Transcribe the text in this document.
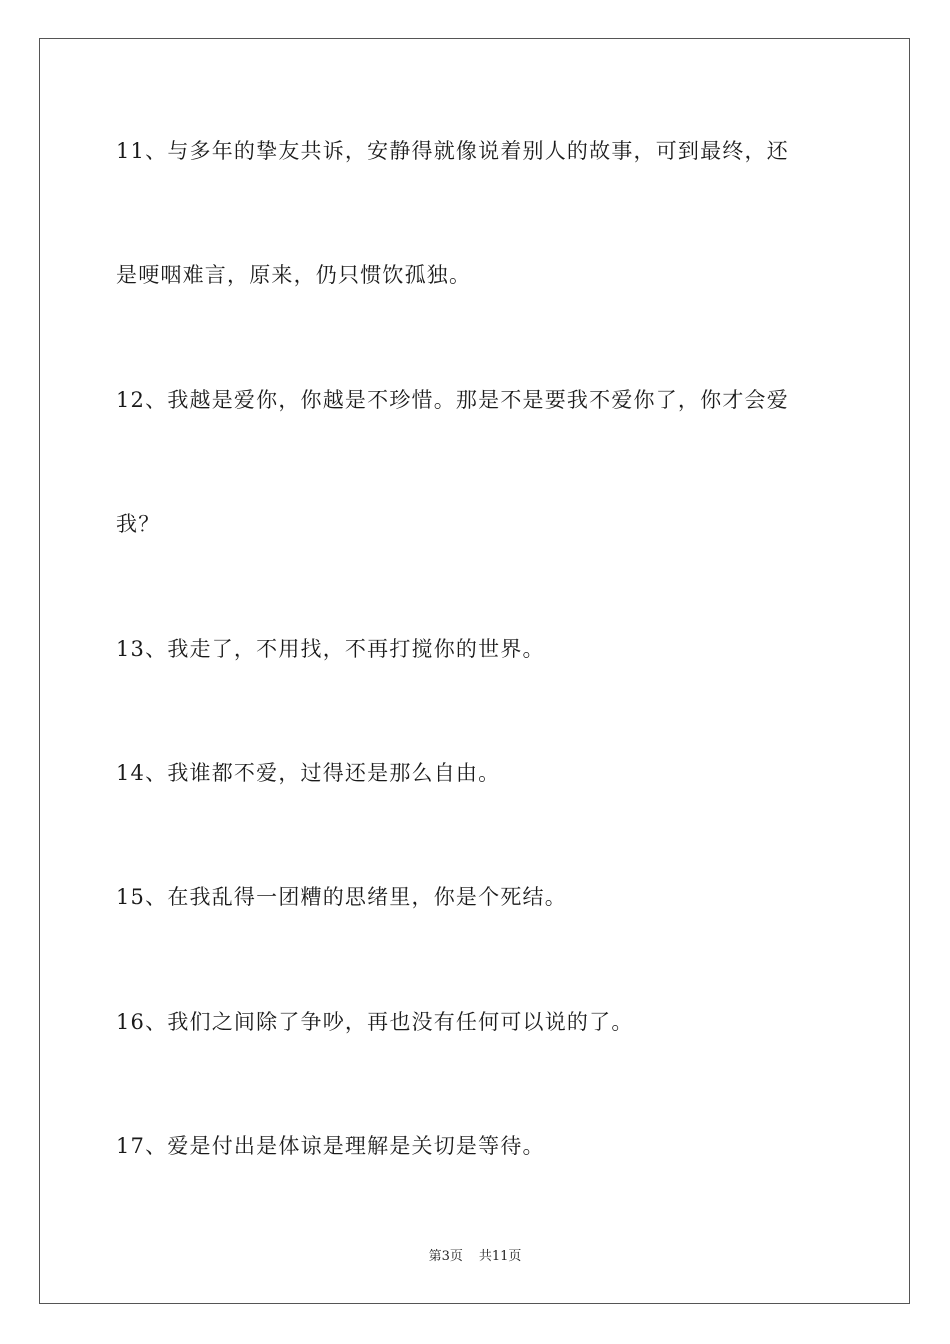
11、与多年的挚友共诉，安静得就像说着别人的故事，可到最终，还
是哽咽难言，原来，仍只惯饮孤独。
12、我越是爱你，你越是不珍惜。那是不是要我不爱你了，你才会爱
我？
13、我走了，不用找，不再打搅你的世界。
14、我谁都不爱，过得还是那么自由。
15、在我乱得一团糟的思绪里，你是个死结。
16、我们之间除了争吵，再也没有任何可以说的了。
17、爱是付出是体谅是理解是关切是等待。
第3页 共11页
